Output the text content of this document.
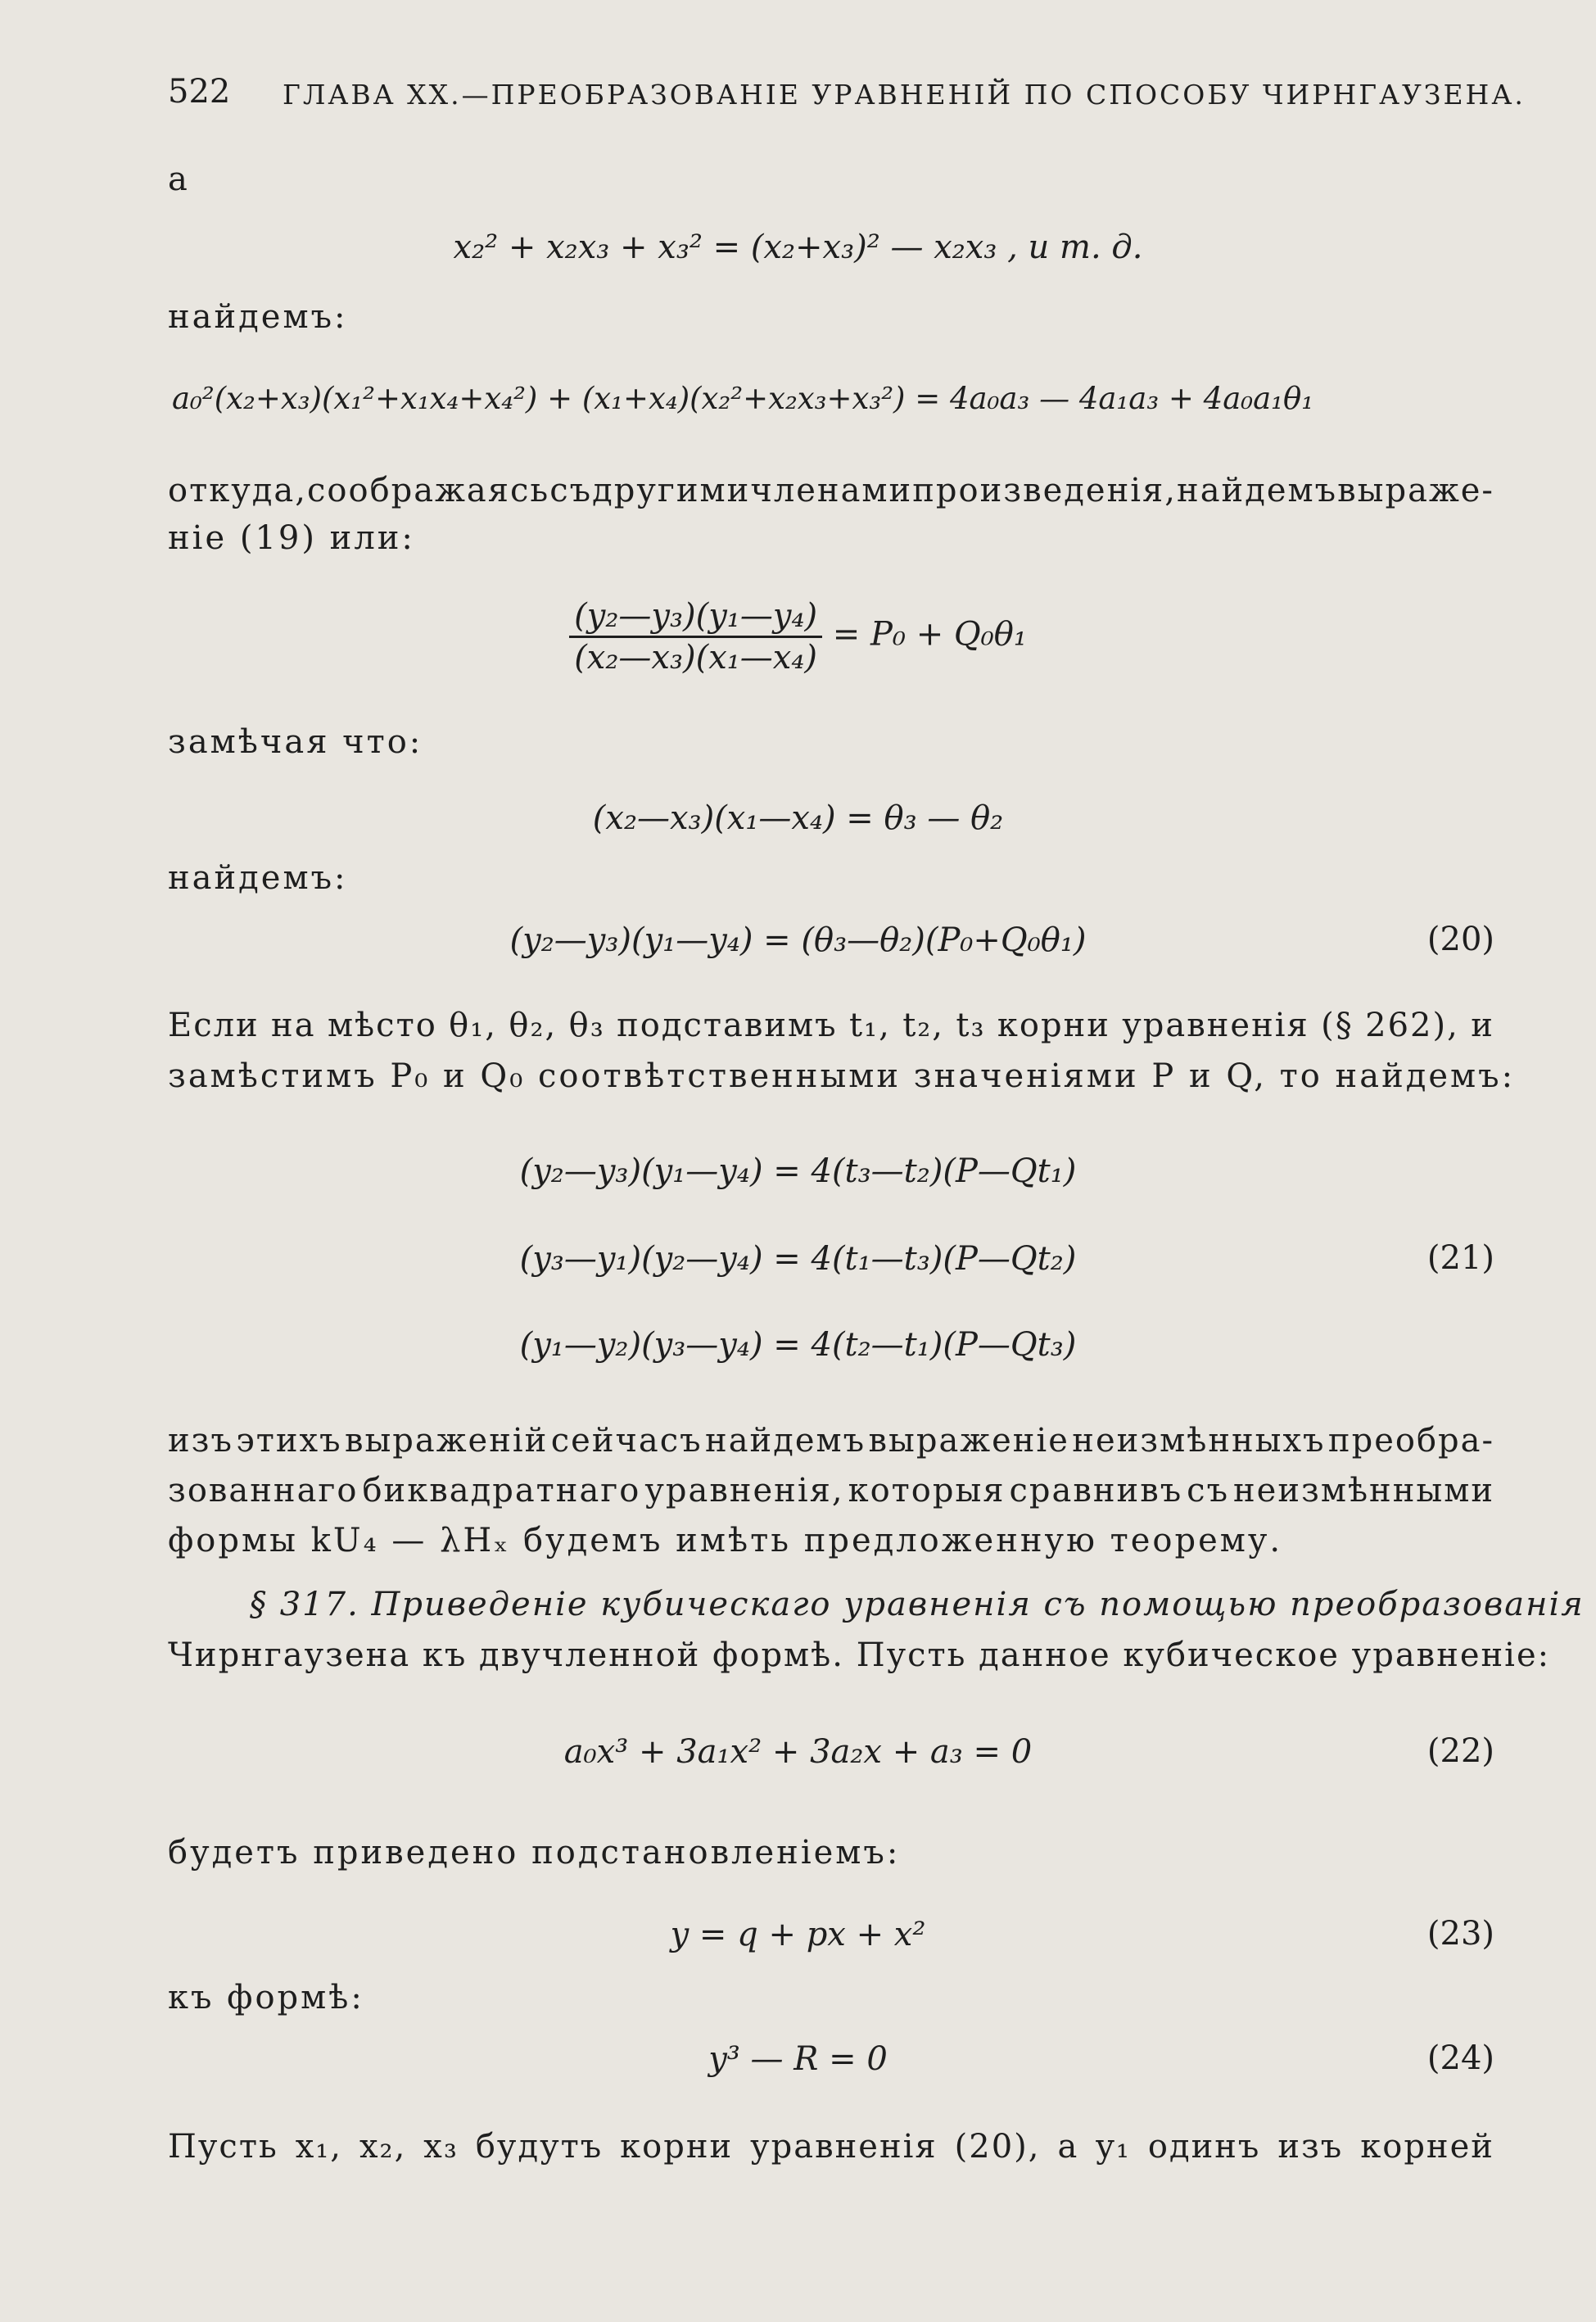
522 ГЛАВА XX.—ПРЕОБРАЗОВАНIЕ УРАВНЕНIЙ ПО СПОСОБУ ЧИРНГАУЗЕНА.
а
x₂² + x₂x₃ + x₃² = (x₂+x₃)² — x₂x₃ , и т. д.
найдемъ:
a₀²(x₂+x₃)(x₁²+x₁x₄+x₄²) + (x₁+x₄)(x₂²+x₂x₃+x₃²) = 4a₀a₃ — 4a₁a₃ + 4a₀a₁θ₁
откуда, соображаясь съ другими членами произведенія, найдемъ выраже-
ніе (19) или:
$\frac{\text{(y₂—y₃)(y₁—y₄)}}{\text{(x₂—x₃)(x₁—x₄)}} = P_0 + Q_0\theta_1$
замѣчая что:
(x₂—x₃)(x₁—x₄) = θ₃ — θ₂
найдемъ:
(y₂—y₃)(y₁—y₄) = (θ₃—θ₂)(P₀+Q₀θ₁)	(20)
Если на мѣсто θ₁, θ₂, θ₃ подставимъ t₁, t₂, t₃ корни уравненія (§ 262), и
замѣстимъ P₀ и Q₀ соотвѣтственными значеніями P и Q, то найдемъ:
(y₂—y₃)(y₁—y₄) = 4(t₃—t₂)(P—Qt₁)
(y₃—y₁)(y₂—y₄) = 4(t₁—t₃)(P—Qt₂)	(21)
(y₁—y₂)(y₃—y₄) = 4(t₂—t₁)(P—Qt₃)
изъ этихъ выраженій сейчасъ найдемъ выраженіе неизмѣнныхъ преобра-
зованнаго биквадратнаго уравненія, которыя сравнивъ съ неизмѣнными
формы kU₄ — λHₓ будемъ имѣть предложенную теорему.
§ 317. Приведеніе кубическаго уравненія съ помощью преобразованія
Чирнгаузена къ двучленной формѣ. Пусть данное кубическое уравненіе:
a₀x³ + 3a₁x² + 3a₂x + a₃ = 0	(22)
будетъ приведено подстановленіемъ:
y = q + px + x²	(23)
къ формѣ:
y³ — R = 0	(24)
Пусть x₁, x₂, x₃ будутъ корни уравненія (20), а y₁ одинъ изъ корней
